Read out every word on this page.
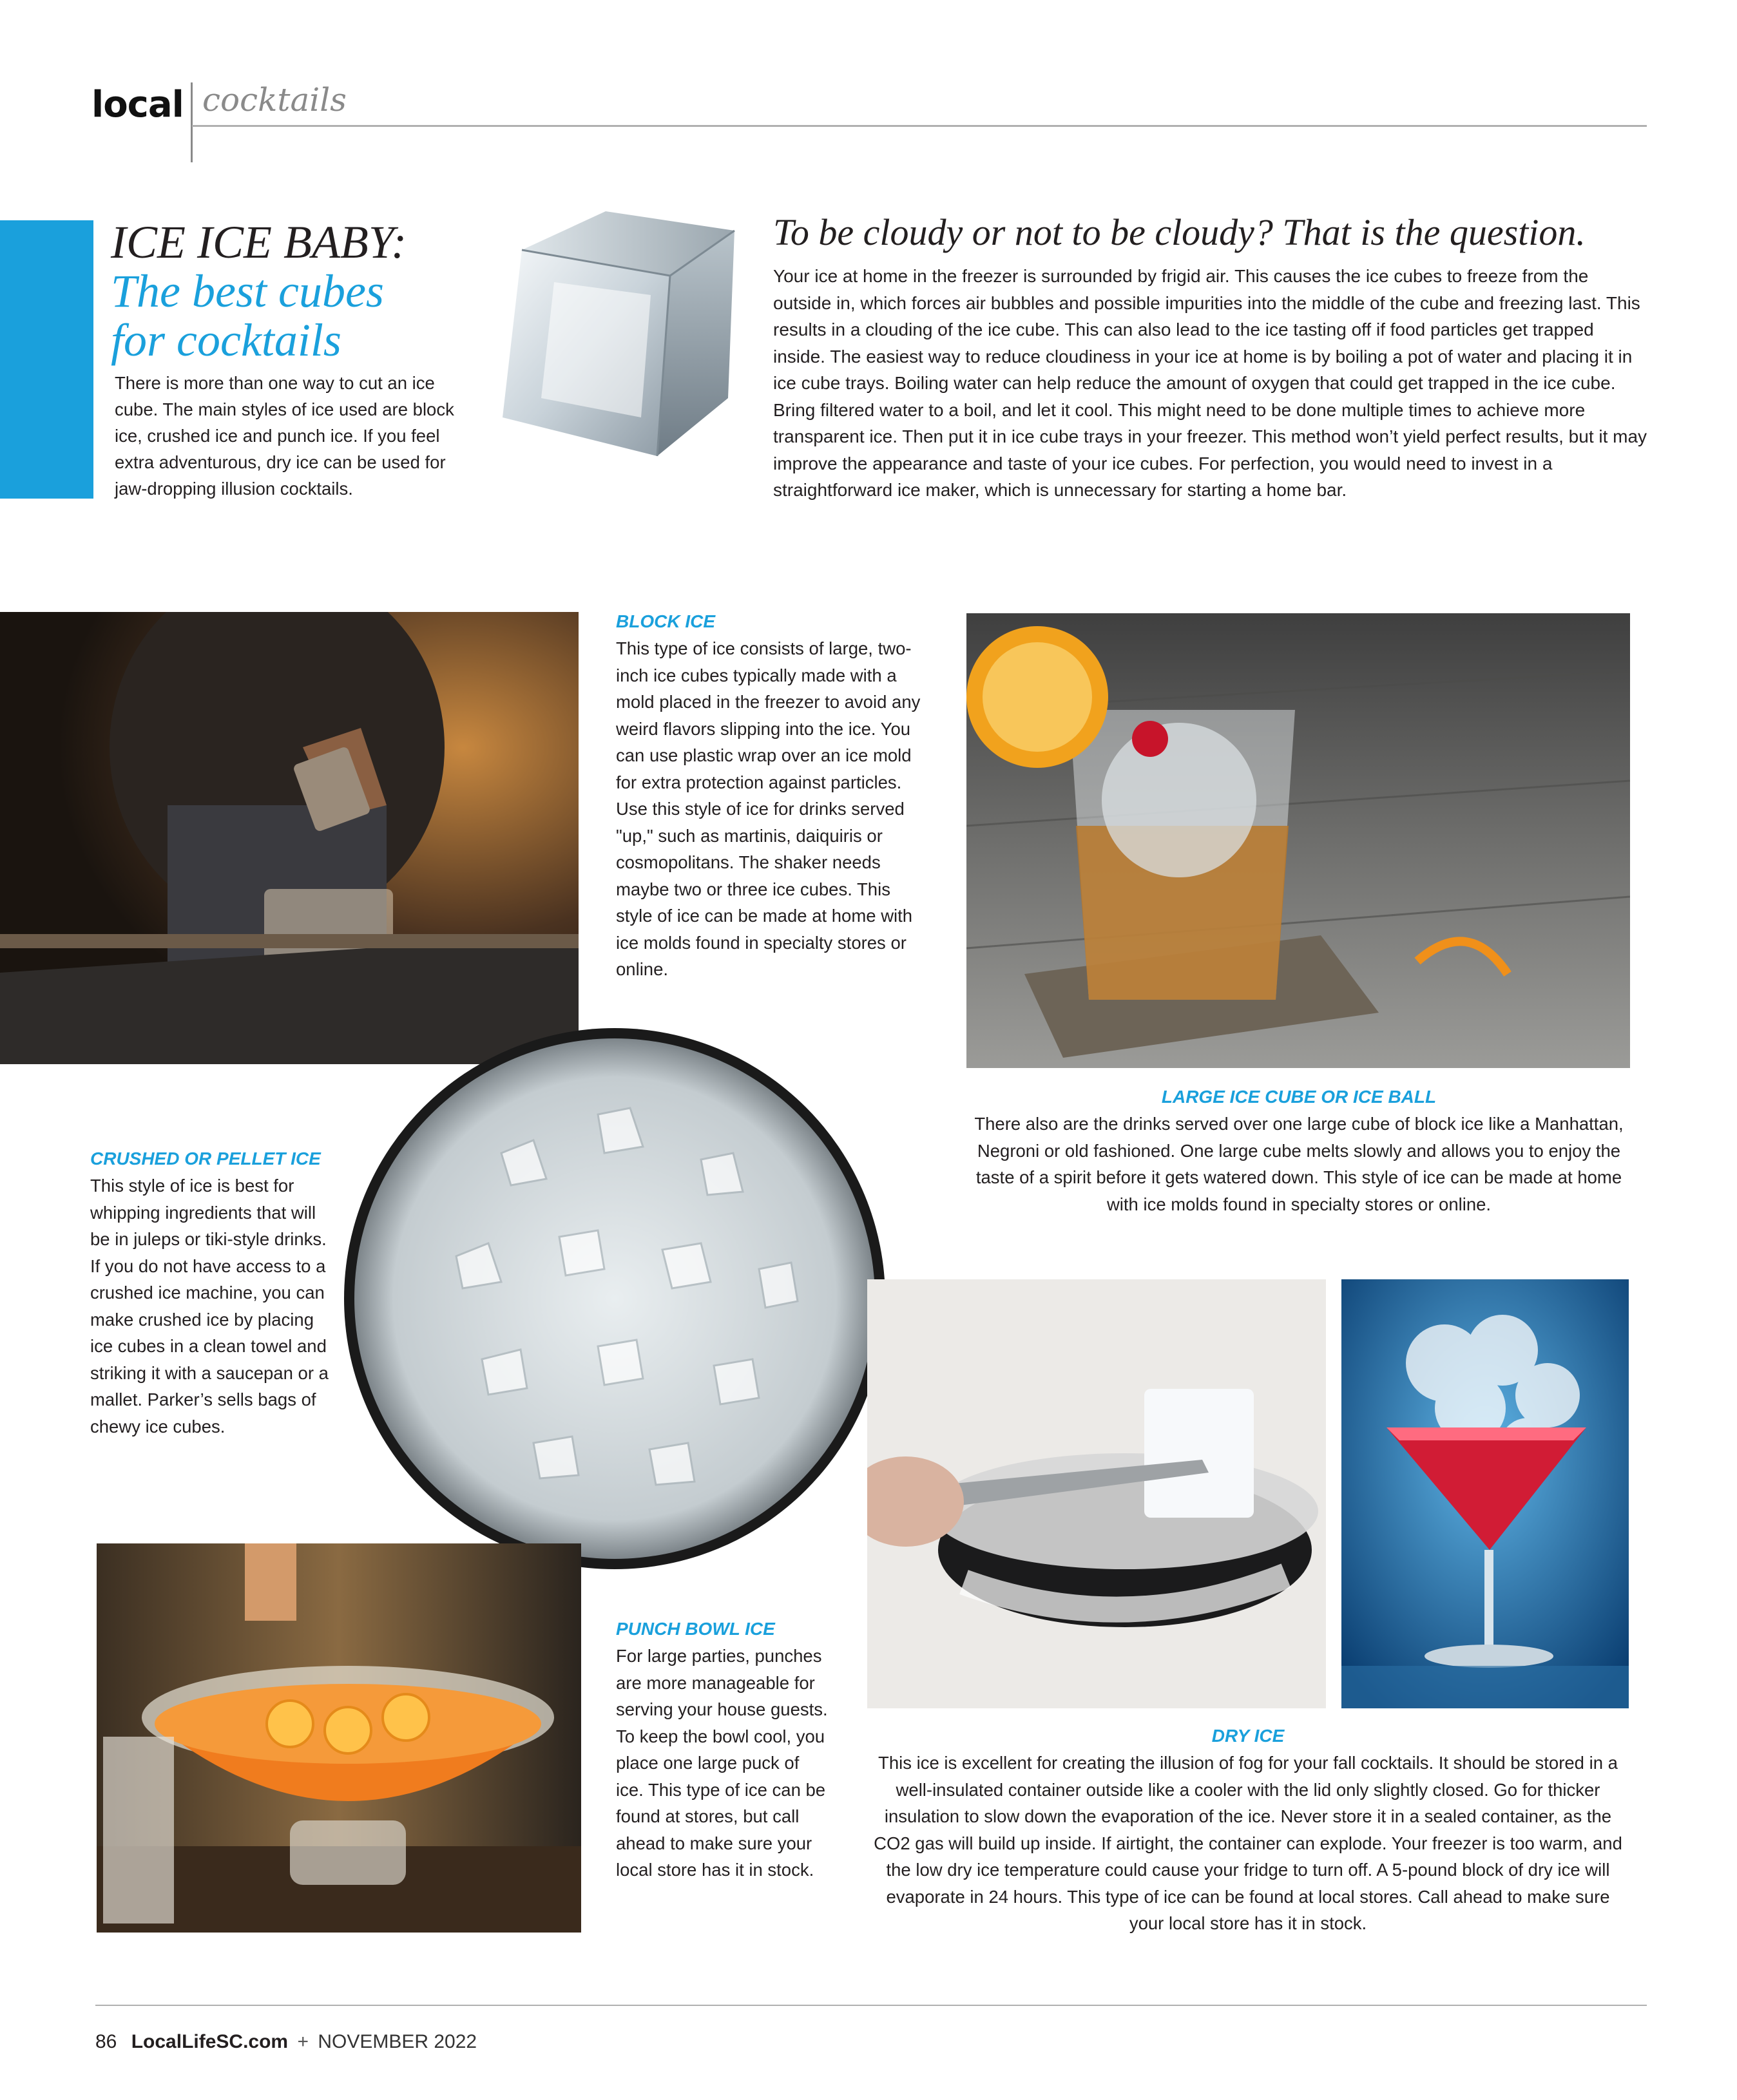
local cocktails
ICE ICE BABY:
The best cubes
for cocktails
There is more than one way to cut an ice cube. The main styles of ice used are block ice, crushed ice and punch ice. If you feel extra adventurous, dry ice can be used for jaw-dropping illusion cocktails.
To be cloudy or not to be cloudy? That is the question.
Your ice at home in the freezer is surrounded by frigid air. This causes the ice cubes to freeze from the outside in, which forces air bubbles and possible impurities into the middle of the cube and freezing last. This results in a clouding of the ice cube. This can also lead to the ice tasting off if food particles get trapped inside. The easiest way to reduce cloudiness in your ice at home is by boiling a pot of water and placing it in ice cube trays. Boiling water can help reduce the amount of oxygen that could get trapped in the ice cube. Bring filtered water to a boil, and let it cool. This might need to be done multiple times to achieve more transparent ice. Then put it in ice cube trays in your freezer. This method won’t yield perfect results, but it may improve the appearance and taste of your ice cubes. For perfection, you would need to invest in a straightforward ice maker, which is unnecessary for starting a home bar.
BLOCK ICE
This type of ice consists of large, two-inch ice cubes typically made with a mold placed in the freezer to avoid any weird flavors slipping into the ice. You can use plastic wrap over an ice mold for extra protection against particles. Use this style of ice for drinks served "up," such as martinis, daiquiris or cosmopolitans. The shaker needs maybe two or three ice cubes. This style of ice can be made at home with ice molds found in specialty stores or online.
LARGE ICE CUBE OR ICE BALL
There also are the drinks served over one large cube of block ice like a Manhattan, Negroni or old fashioned. One large cube melts slowly and allows you to enjoy the taste of a spirit before it gets watered down. This style of ice can be made at home with ice molds found in specialty stores or online.
CRUSHED OR PELLET ICE
This style of ice is best for whipping ingredients that will be in juleps or tiki-style drinks. If you do not have access to a crushed ice machine, you can make crushed ice by placing ice cubes in a clean towel and striking it with a saucepan or a mallet. Parker’s sells bags of chewy ice cubes.
PUNCH BOWL ICE
For large parties, punches are more manageable for serving your house guests. To keep the bowl cool, you place one large puck of ice. This type of ice can be found at stores, but call ahead to make sure your local store has it in stock.
DRY ICE
This ice is excellent for creating the illusion of fog for your fall cocktails. It should be stored in a well-insulated container outside like a cooler with the lid only slightly closed. Go for thicker insulation to slow down the evaporation of the ice. Never store it in a sealed container, as the CO2 gas will build up inside. If airtight, the container can explode. Your freezer is too warm, and the low dry ice temperature could cause your fridge to turn off. A 5-pound block of dry ice will evaporate in 24 hours. This type of ice can be found at local stores. Call ahead to make sure your local store has it in stock.
86 LocalLifeSC.com + NOVEMBER 2022
